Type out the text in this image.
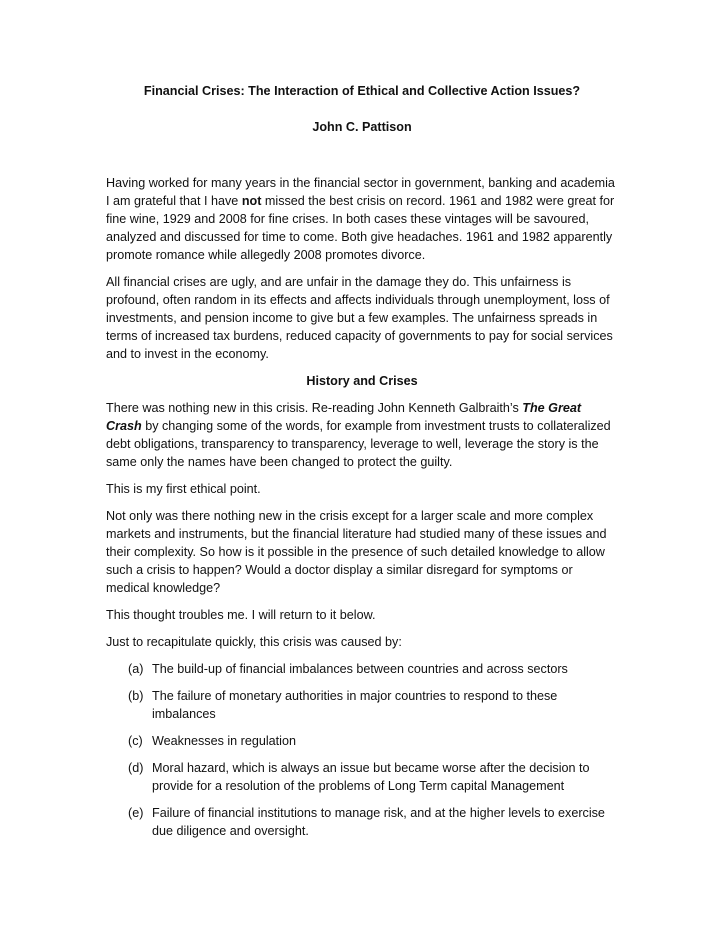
Financial Crises: The Interaction of Ethical and Collective Action Issues?

John C. Pattison

Having worked for many years in the financial sector in government, banking and academia I am grateful that I have not missed the best crisis on record. 1961 and 1982 were great for fine wine, 1929 and 2008 for fine crises. In both cases these vintages will be savoured, analyzed and discussed for time to come. Both give headaches. 1961 and 1982 apparently promote romance while allegedly 2008 promotes divorce.

All financial crises are ugly, and are unfair in the damage they do. This unfairness is profound, often random in its effects and affects individuals through unemployment, loss of investments, and pension income to give but a few examples. The unfairness spreads in terms of increased tax burdens, reduced capacity of governments to pay for social services and to invest in the economy.

History and Crises

There was nothing new in this crisis. Re-reading John Kenneth Galbraith’s The Great Crash by changing some of the words, for example from investment trusts to collateralized debt obligations, transparency to transparency, leverage to well, leverage the story is the same only the names have been changed to protect the guilty.

This is my first ethical point.

Not only was there nothing new in the crisis except for a larger scale and more complex markets and instruments, but the financial literature had studied many of these issues and their complexity. So how is it possible in the presence of such detailed knowledge to allow such a crisis to happen? Would a doctor display a similar disregard for symptoms or medical knowledge?

This thought troubles me. I will return to it below.

Just to recapitulate quickly, this crisis was caused by:

(a) The build-up of financial imbalances between countries and across sectors
(b) The failure of monetary authorities in major countries to respond to these imbalances
(c) Weaknesses in regulation
(d) Moral hazard, which is always an issue but became worse after the decision to provide for a resolution of the problems of Long Term capital Management
(e) Failure of financial institutions to manage risk, and at the higher levels to exercise due diligence and oversight.
